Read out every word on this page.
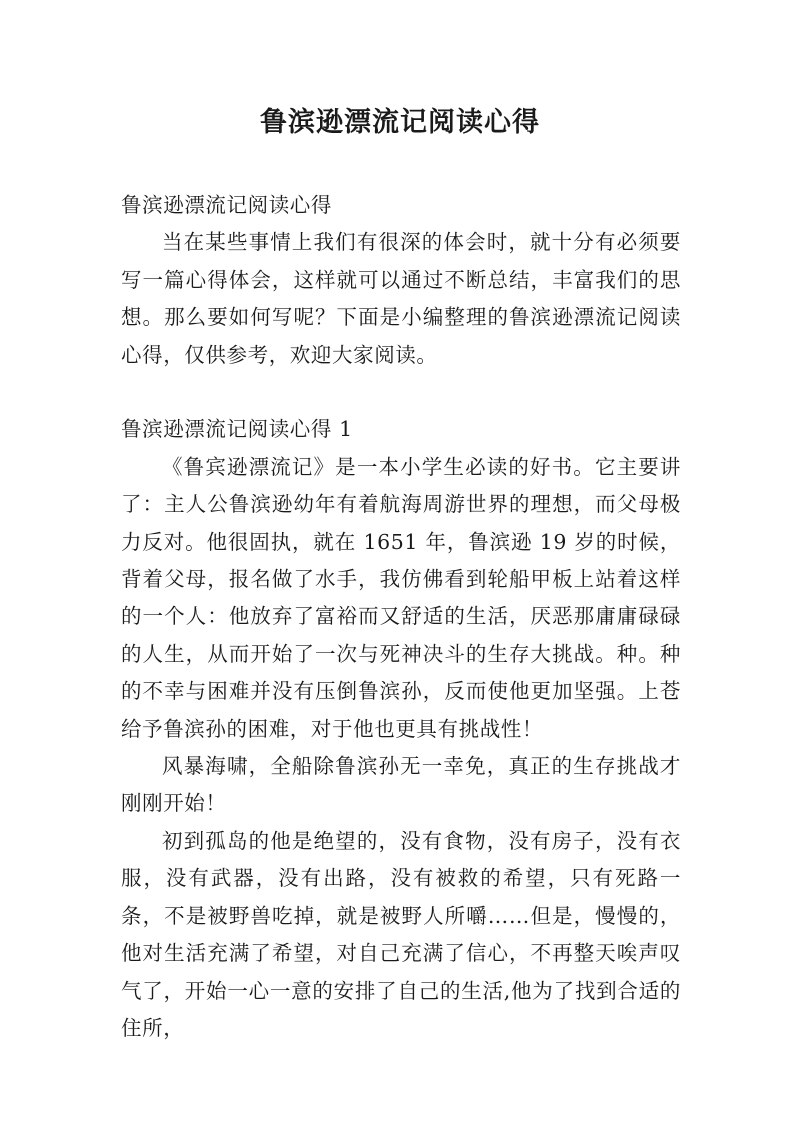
鲁滨逊漂流记阅读心得

鲁滨逊漂流记阅读心得

当在某些事情上我们有很深的体会时，就十分有必须要写一篇心得体会，这样就可以通过不断总结，丰富我们的思想。那么要如何写呢？下面是小编整理的鲁滨逊漂流记阅读心得，仅供参考，欢迎大家阅读。

鲁滨逊漂流记阅读心得 1

《鲁宾逊漂流记》是一本小学生必读的好书。它主要讲了：主人公鲁滨逊幼年有着航海周游世界的理想，而父母极力反对。他很固执，就在 1651 年，鲁滨逊 19 岁的时候，背着父母，报名做了水手，我仿佛看到轮船甲板上站着这样的一个人：他放弃了富裕而又舒适的生活，厌恶那庸庸碌碌的人生，从而开始了一次与死神决斗的生存大挑战。种。种的不幸与困难并没有压倒鲁滨孙，反而使他更加坚强。上苍给予鲁滨孙的困难，对于他也更具有挑战性！

风暴海啸，全船除鲁滨孙无一幸免，真正的生存挑战才刚刚开始！

初到孤岛的他是绝望的，没有食物，没有房子，没有衣服，没有武器，没有出路，没有被救的希望，只有死路一条，不是被野兽吃掉，就是被野人所嚼……但是，慢慢的，他对生活充满了希望，对自己充满了信心，不再整天唉声叹气了，开始一心一意的安排了自己的生活,他为了找到合适的住所，
